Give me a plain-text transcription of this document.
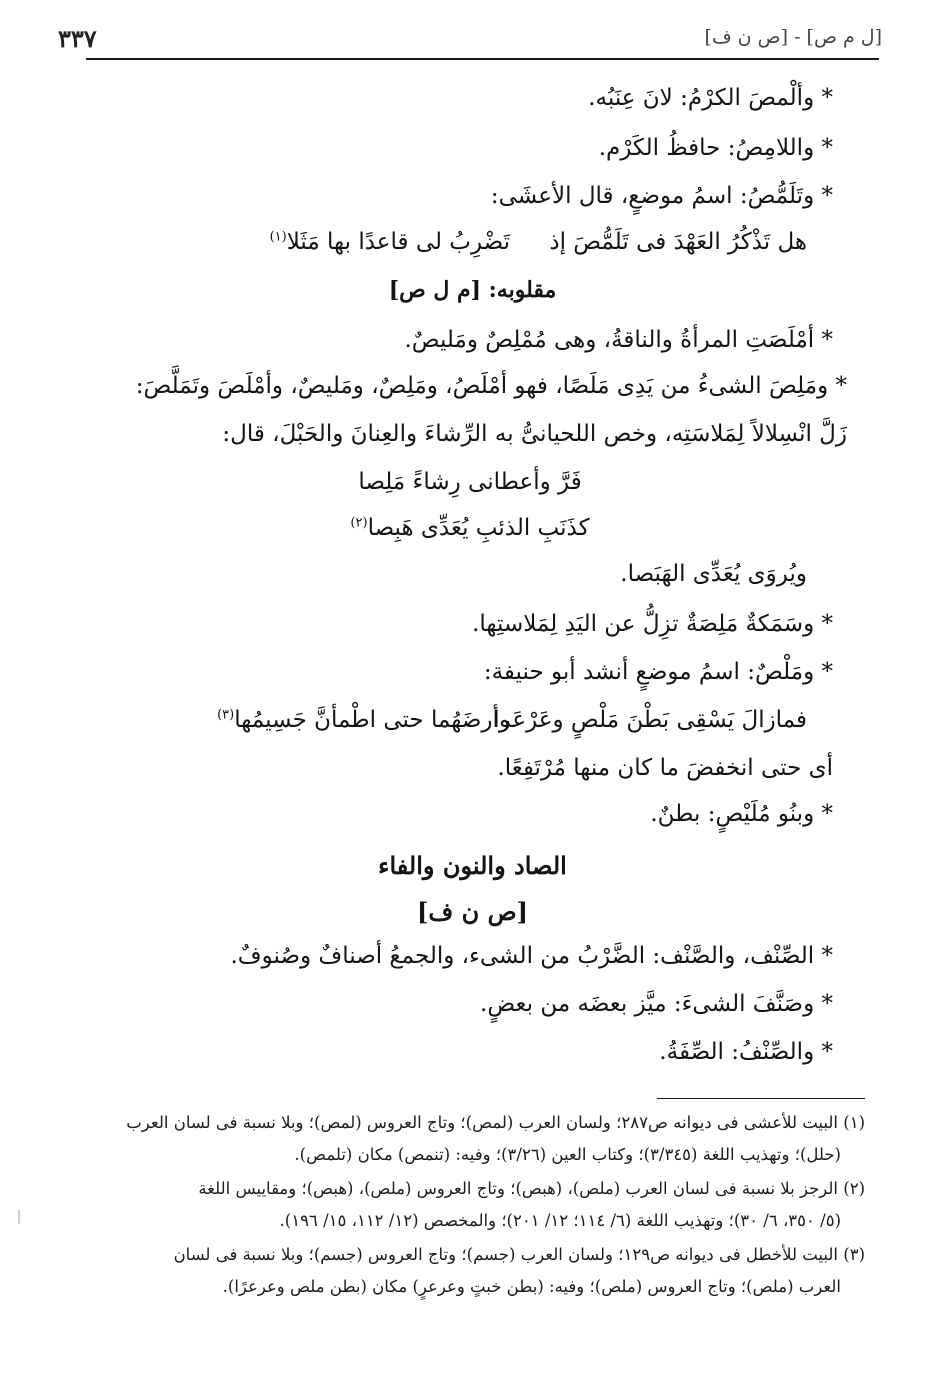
[ل م ص] - [ص ن ف]
٣٣٧
* وألْمصَ الكرْمُ: لانَ عِنَبُه.
* واللامِصُ: حافظُ الكَرْم.
* وتَلَمُّصُ: اسمُ موضعٍ، قال الأعشَى:
هل تَذْكُرُ العَهْدَ فى تَلَمُّصَ إذ
تَضْرِبُ لى قاعدًا بها مَثَلا$^{(١)}$
مقلوبه: [م ل ص]
* أمْلَصَتِ المرأةُ والناقةُ، وهى مُمْلِصٌ ومَليصٌ.
* ومَلِصَ الشىءُ من يَدِى مَلَصًا، فهو أمْلَصُ، ومَلِصٌ، ومَليصٌ، وأمْلَصَ وتَمَلَّصَ:
زَلَّ انْسِلالاً لِمَلاسَتِه، وخص اللحيانىُّ به الرِّشاءَ والعِنانَ والحَبْلَ، قال:
فَرَّ وأعطانى رِشاءً مَلِصا
كذَنَبِ الذئبِ يُعَدِّى هَبِصا$^{(٢)}$
ويُروَى يُعَدِّى الهَبَصا.
* وسَمَكةٌ مَلِصَةٌ تزِلُّ عن اليَدِ لِمَلاستِها.
* ومَلْصٌ: اسمُ موضعٍ أنشد أبو حنيفة:
فمازالَ يَسْقِى بَطْنَ مَلْصٍ وعَرْعَرا
وأرضَهُما حتى اطْمأنَّ جَسِيمُها$^{(٣)}$
أى حتى انخفضَ ما كان منها مُرْتَفِعًا.
* وبنُو مُلَيْصٍ: بطنٌ.
الصاد والنون والفاء
[ص ن ف]
* الصِّنْف، والصَّنْف: الضَّرْبُ من الشىء، والجمعُ أصنافٌ وصُنوفٌ.
* وصَنَّفَ الشىءَ: ميَّز بعضَه من بعضٍ.
* والصِّنْفُ: الصِّفَةُ.
(١) البيت للأعشى فى ديوانه ص٢٨٧؛ ولسان العرب (لمص)؛ وتاج العروس (لمص)؛ وبلا نسبة فى لسان العرب
(حلل)؛ وتهذيب اللغة (٣/٣٤٥)؛ وكتاب العين (٣/٢٦)؛ وفيه: (تنمص) مكان (تلمص).
(٢) الرجز بلا نسبة فى لسان العرب (ملص)، (هبص)؛ وتاج العروس (ملص)، (هبص)؛ ومقاييس اللغة
(٥/ ٣٥٠، ٦/ ٣٠)؛ وتهذيب اللغة (٦/ ١١٤؛ ١٢/ ٢٠١)؛ والمخصص (١٢/ ١١٢، ١٥/ ١٩٦).
(٣) البيت للأخطل فى ديوانه ص١٢٩؛ ولسان العرب (جسم)؛ وتاج العروس (جسم)؛ وبلا نسبة فى لسان
العرب (ملص)؛ وتاج العروس (ملص)؛ وفيه: (بطن خبتٍ وعرعرٍ) مكان (بطن ملص وعرعرًا).
